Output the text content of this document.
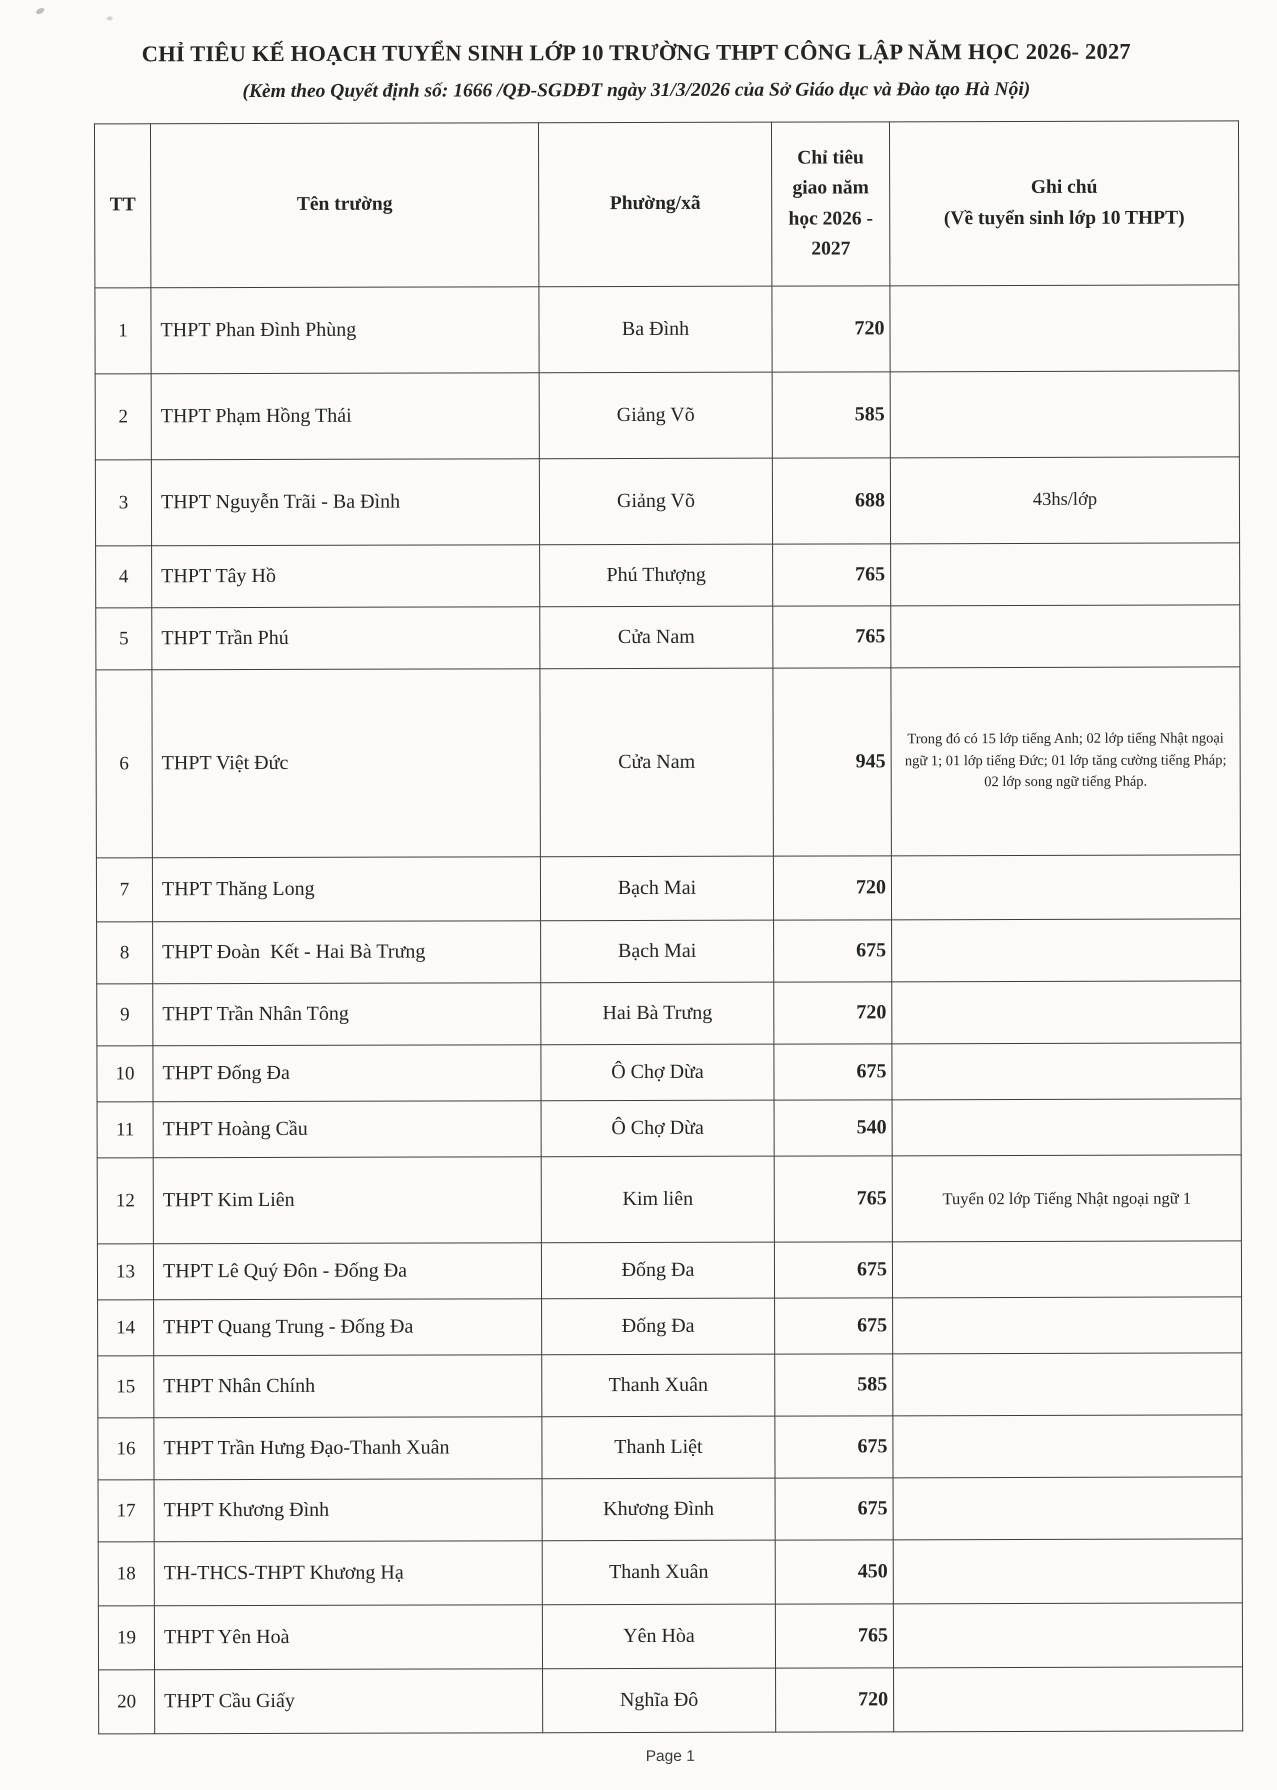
CHỈ TIÊU KẾ HOẠCH TUYỂN SINH LỚP 10 TRƯỜNG THPT CÔNG LẬP NĂM HỌC 2026- 2027
(Kèm theo Quyết định số: 1666 /QĐ-SGDĐT ngày 31/3/2026 của Sở Giáo dục và Đào tạo Hà Nội)
TT	Tên trường	Phường/xã	Chỉ tiêu
giao năm
học 2026 -
2027	Ghi chú
(Về tuyển sinh lớp 10 THPT)
1	THPT Phan Đình Phùng	Ba Đình	720	
2	THPT Phạm Hồng Thái	Giảng Võ	585	
3	THPT Nguyễn Trãi - Ba Đình	Giảng Võ	688	43hs/lớp
4	THPT Tây Hồ	Phú Thượng	765	
5	THPT Trần Phú	Cửa Nam	765	
6	THPT Việt Đức	Cửa Nam	945	Trong đó có 15 lớp tiếng Anh; 02 lớp tiếng Nhật ngoại ngữ 1; 01 lớp tiếng Đức; 01 lớp tăng cường tiếng Pháp; 02 lớp song ngữ tiếng Pháp.
7	THPT Thăng Long	Bạch Mai	720	
8	THPT Đoàn  Kết - Hai Bà Trưng	Bạch Mai	675	
9	THPT Trần Nhân Tông	Hai Bà Trưng	720	
10	THPT Đống Đa	Ô Chợ Dừa	675	
11	THPT Hoàng Cầu	Ô Chợ Dừa	540	
12	THPT Kim Liên	Kim liên	765	Tuyển 02 lớp Tiếng Nhật ngoại ngữ 1
13	THPT Lê Quý Đôn - Đống Đa	Đống Đa	675	
14	THPT Quang Trung - Đống Đa	Đống Đa	675	
15	THPT Nhân Chính	Thanh Xuân	585	
16	THPT Trần Hưng Đạo-Thanh Xuân	Thanh Liệt	675	
17	THPT Khương Đình	Khương Đình	675	
18	TH-THCS-THPT Khương Hạ	Thanh Xuân	450	
19	THPT Yên Hoà	Yên Hòa	765	
20	THPT Cầu Giấy	Nghĩa Đô	720	
Page 1
